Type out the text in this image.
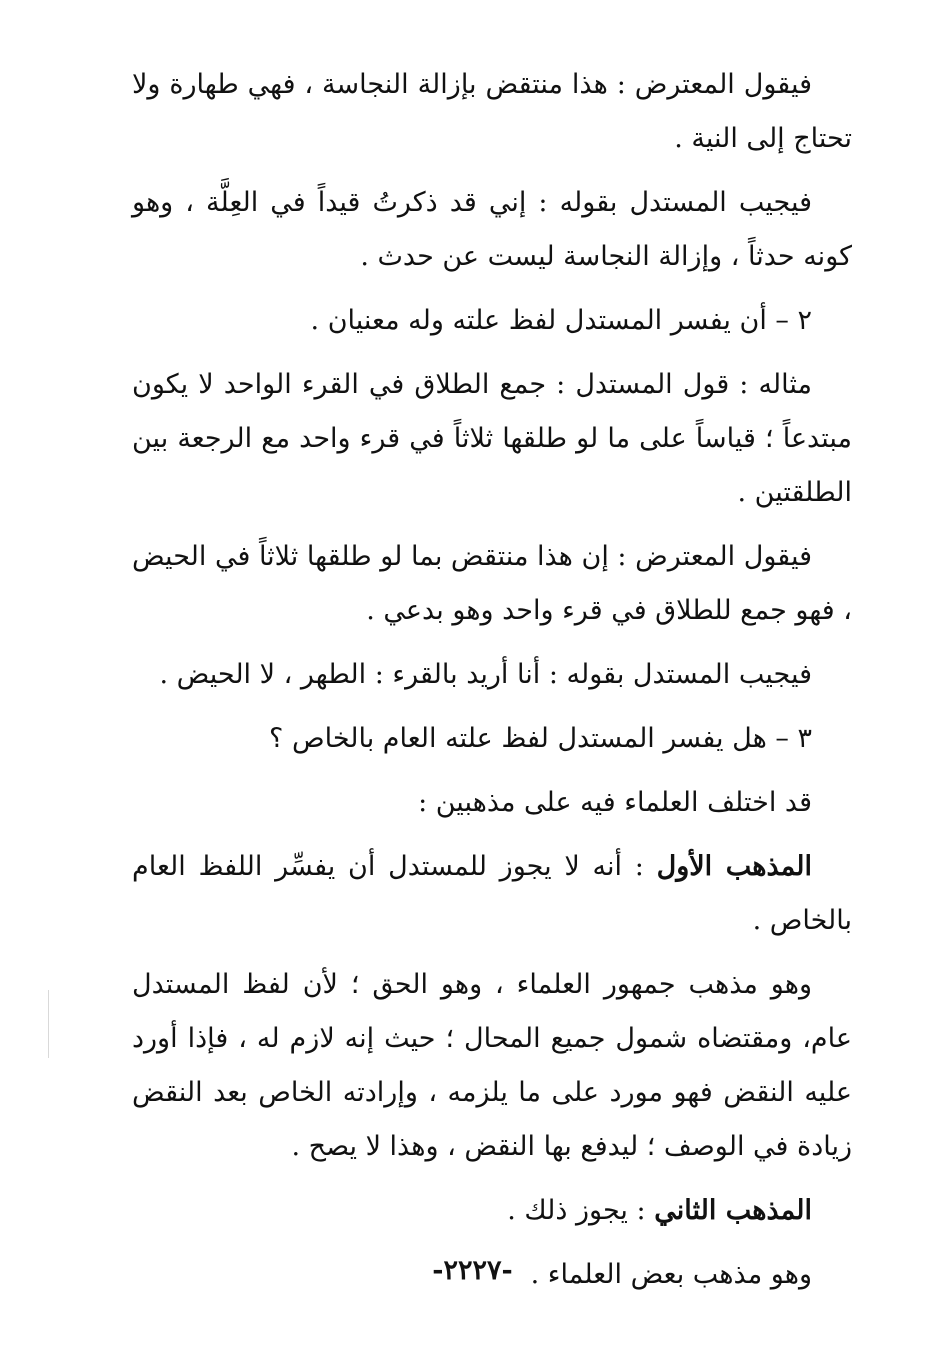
فيقول المعترض : هذا منتقض بإزالة النجاسة ، فهي طهارة ولا تحتاج إلى النية .

فيجيب المستدل بقوله : إني قد ذكرتُ قيداً في العِلَّة ، وهو كونه حدثاً ، وإزالة النجاسة ليست عن حدث .

٢ – أن يفسر المستدل لفظ علته وله معنيان .

مثاله : قول المستدل : جمع الطلاق في القرء الواحد لا يكون مبتدعاً ؛ قياساً على ما لو طلقها ثلاثاً في قرء واحد مع الرجعة بين الطلقتين .

فيقول المعترض : إن هذا منتقض بما لو طلقها ثلاثاً في الحيض ، فهو جمع للطلاق في قرء واحد وهو بدعي .

فيجيب المستدل بقوله : أنا أريد بالقرء : الطهر ، لا الحيض .

٣ – هل يفسر المستدل لفظ علته العام بالخاص ؟

قد اختلف العلماء فيه على مذهبين :

المذهب الأول : أنه لا يجوز للمستدل أن يفسِّر اللفظ العام بالخاص .

وهو مذهب جمهور العلماء ، وهو الحق ؛ لأن لفظ المستدل عام، ومقتضاه شمول جميع المحال ؛ حيث إنه لازم له ، فإذا أورد عليه النقض فهو مورد على ما يلزمه ، وإرادته الخاص بعد النقض زيادة في الوصف ؛ ليدفع بها النقض ، وهذا لا يصح .

المذهب الثاني : يجوز ذلك .

وهو مذهب بعض العلماء .

-٢٢٢٧-
